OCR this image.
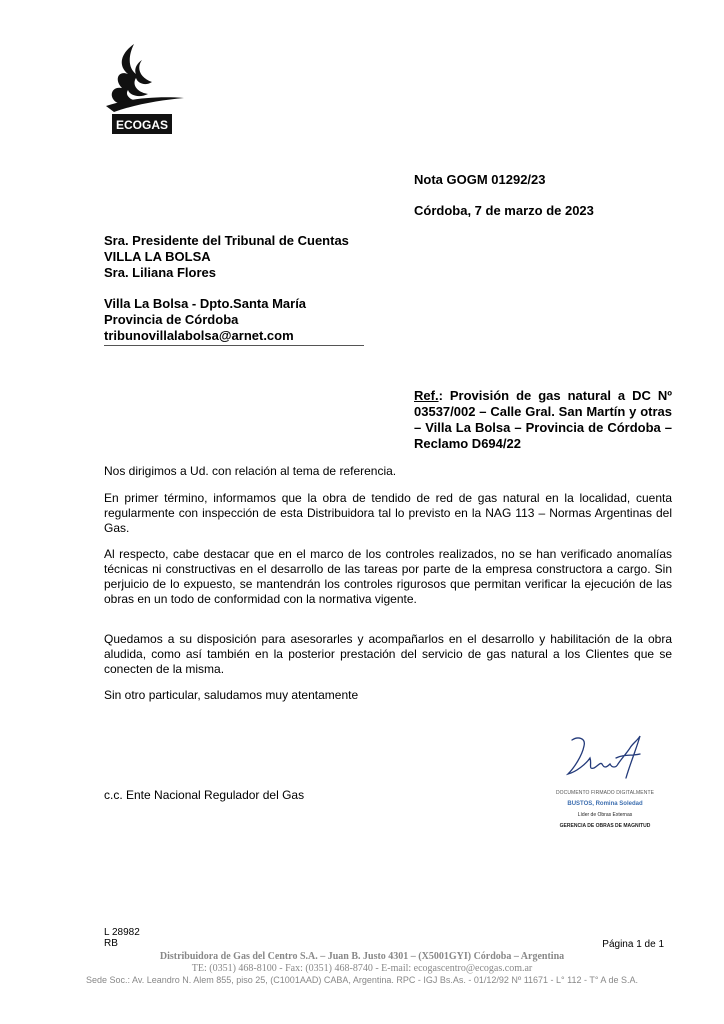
ECOGAS
Nota GOGM 01292/23
Córdoba, 7 de marzo de 2023
Sra. Presidente del Tribunal de Cuentas
VILLA LA BOLSA
Sra. Liliana Flores
Villa La Bolsa - Dpto.Santa María
Provincia de Córdoba
tribunovillalabolsa@arnet.com
Ref.: Provisión de gas natural a DC Nº 03537/002 – Calle Gral. San Martín y otras – Villa La Bolsa – Provincia de Córdoba – Reclamo D694/22
Nos dirigimos a Ud. con relación al tema de referencia.
En primer término, informamos que la obra de tendido de red de gas natural en la localidad, cuenta regularmente con inspección de esta Distribuidora tal lo previsto en la NAG 113 – Normas Argentinas del Gas.
Al respecto, cabe destacar que en el marco de los controles realizados, no se han verificado anomalías técnicas ni constructivas en el desarrollo de las tareas por parte de la empresa constructora a cargo. Sin perjuicio de lo expuesto, se mantendrán los controles rigurosos que permitan verificar la ejecución de las obras en un todo de conformidad con la normativa vigente.
Quedamos a su disposición para asesorarles y acompañarlos en el desarrollo y habilitación de la obra aludida, como así también en la posterior prestación del servicio de gas natural a los Clientes que se conecten de la misma.
Sin otro particular, saludamos muy atentamente
c.c. Ente Nacional Regulador del Gas	DOCUMENTO FIRMADO DIGITALMENTE
BUSTOS, Romina Soledad
Líder de Obras Externas
GERENCIA DE OBRAS DE MAGNITUD
L 28982
RB	Página 1 de 1
Distribuidora de Gas del Centro S.A. – Juan B. Justo 4301 – (X5001GYI) Córdoba – Argentina
TE: (0351) 468-8100 - Fax: (0351) 468-8740 - E-mail: ecogascentro@ecogas.com.ar
Sede Soc.: Av. Leandro N. Alem 855, piso 25, (C1001AAD) CABA, Argentina. RPC - IGJ Bs.As. - 01/12/92 Nº 11671 - L° 112 - T° A de S.A.
